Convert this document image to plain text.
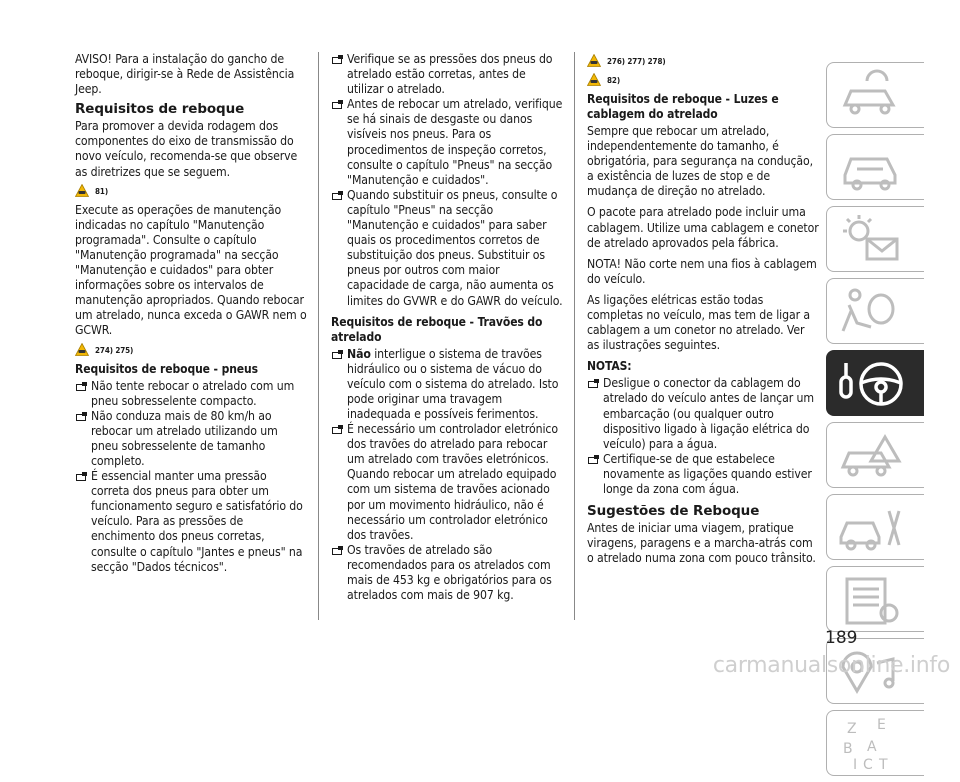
AVISO! Para a instalação do gancho de reboque, dirigir-se à Rede de Assistência Jeep.

Requisitos de reboque

Para promover a devida rodagem dos componentes do eixo de transmissão do novo veículo, recomenda-se que observe as diretrizes que se seguem.

81)

Execute as operações de manutenção indicadas no capítulo "Manutenção programada". Consulte o capítulo "Manutenção programada" na secção "Manutenção e cuidados" para obter informações sobre os intervalos de manutenção apropriados. Quando rebocar um atrelado, nunca exceda o GAWR nem o GCWR.

274) 275)
Requisitos de reboque - pneus
Não tente rebocar o atrelado com um pneu sobresselente compacto.
Não conduza mais de 80 km/h ao rebocar um atrelado utilizando um pneu sobresselente de tamanho completo.
É essencial manter uma pressão correta dos pneus para obter um funcionamento seguro e satisfatório do veículo. Para as pressões de enchimento dos pneus corretas, consulte o capítulo "Jantes e pneus" na secção "Dados técnicos".
Verifique se as pressões dos pneus do atrelado estão corretas, antes de utilizar o atrelado.
Antes de rebocar um atrelado, verifique se há sinais de desgaste ou danos visíveis nos pneus. Para os procedimentos de inspeção corretos, consulte o capítulo "Pneus" na secção "Manutenção e cuidados".
Quando substituir os pneus, consulte o capítulo "Pneus" na secção "Manutenção e cuidados" para saber quais os procedimentos corretos de substituição dos pneus. Substituir os pneus por outros com maior capacidade de carga, não aumenta os limites do GVWR e do GAWR do veículo.
Requisitos de reboque - Travões do atrelado
Não interligue o sistema de travões hidráulico ou o sistema de vácuo do veículo com o sistema do atrelado. Isto pode originar uma travagem inadequada e possíveis ferimentos.
É necessário um controlador eletrónico dos travões do atrelado para rebocar um atrelado com travões eletrónicos. Quando rebocar um atrelado equipado com um sistema de travões acionado por um movimento hidráulico, não é necessário um controlador eletrónico dos travões.
Os travões de atrelado são recomendados para os atrelados com mais de 453 kg e obrigatórios para os atrelados com mais de 907 kg.
276) 277) 278)
82)
Requisitos de reboque - Luzes e cablagem do atrelado

Sempre que rebocar um atrelado, independentemente do tamanho, é obrigatória, para segurança na condução, a existência de luzes de stop e de mudança de direção no atrelado.

O pacote para atrelado pode incluir uma cablagem. Utilize uma cablagem e conetor de atrelado aprovados pela fábrica.

NOTA! Não corte nem una fios à cablagem do veículo.

As ligações elétricas estão todas completas no veículo, mas tem de ligar a cablagem a um conetor no atrelado. Ver as ilustrações seguintes.

NOTAS:
Desligue o conector da cablagem do atrelado do veículo antes de lançar um embarcação (ou qualquer outro dispositivo ligado à ligação elétrica do veículo) para a água.
Certifique-se de que estabelece novamente as ligações quando estiver longe da zona com água.
Sugestões de Reboque

Antes de iniciar uma viagem, pratique viragens, paragens e a marcha-atrás com o atrelado numa zona com pouco trânsito.

Z E
B A
I C T
189
carmanualsonline.info
